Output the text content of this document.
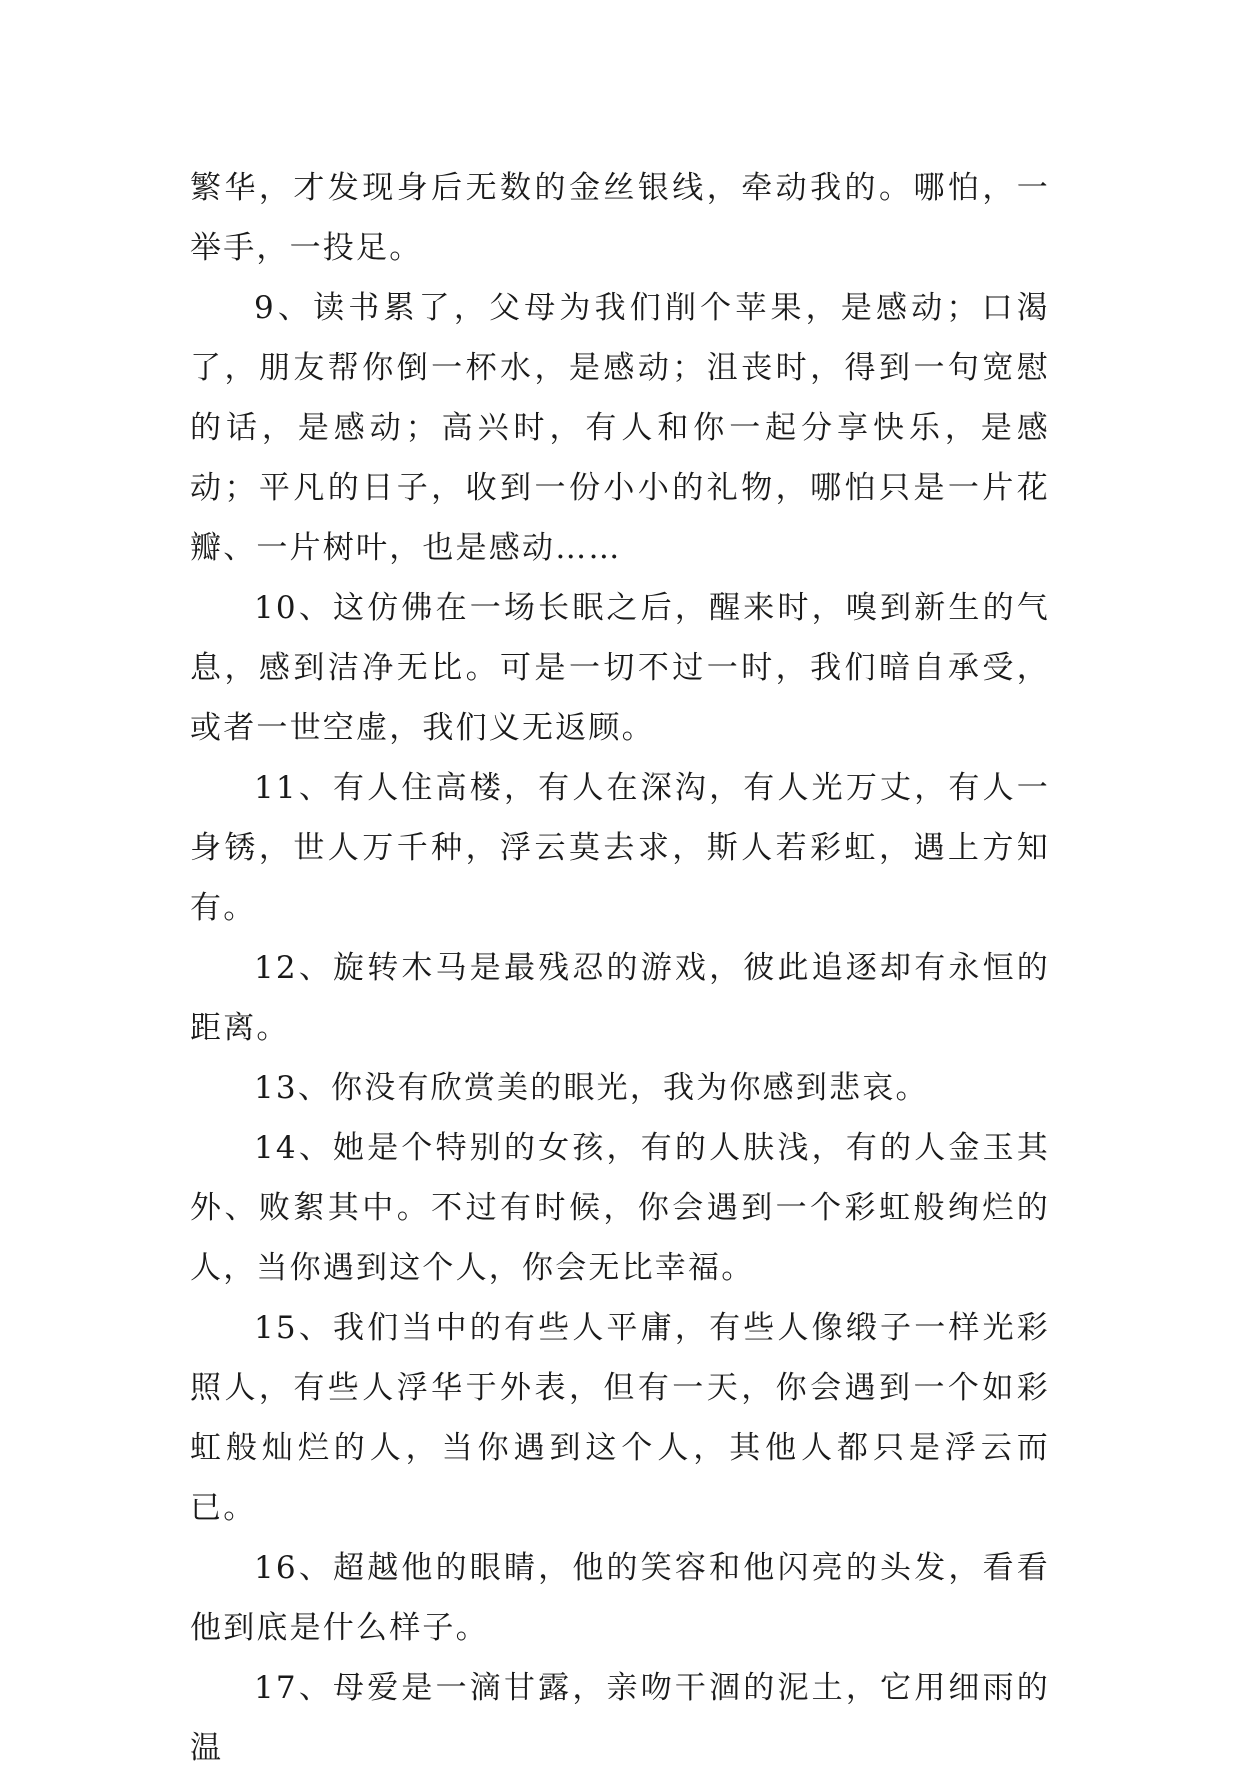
繁华，才发现身后无数的金丝银线，牵动我的。哪怕，一举手，一投足。

9、读书累了，父母为我们削个苹果，是感动；口渴了，朋友帮你倒一杯水，是感动；沮丧时，得到一句宽慰的话，是感动；高兴时，有人和你一起分享快乐，是感动；平凡的日子，收到一份小小的礼物，哪怕只是一片花瓣、一片树叶，也是感动……

10、这仿佛在一场长眠之后，醒来时，嗅到新生的气息，感到洁净无比。可是一切不过一时，我们暗自承受，或者一世空虚，我们义无返顾。

11、有人住高楼，有人在深沟，有人光万丈，有人一身锈，世人万千种，浮云莫去求，斯人若彩虹，遇上方知有。

12、旋转木马是最残忍的游戏，彼此追逐却有永恒的距离。

13、你没有欣赏美的眼光，我为你感到悲哀。

14、她是个特别的女孩，有的人肤浅，有的人金玉其外、败絮其中。不过有时候，你会遇到一个彩虹般绚烂的人，当你遇到这个人，你会无比幸福。

15、我们当中的有些人平庸，有些人像缎子一样光彩照人，有些人浮华于外表，但有一天，你会遇到一个如彩虹般灿烂的人，当你遇到这个人，其他人都只是浮云而已。

16、超越他的眼睛，他的笑容和他闪亮的头发，看看他到底是什么样子。

17、母爱是一滴甘露，亲吻干涸的泥土，它用细雨的温
